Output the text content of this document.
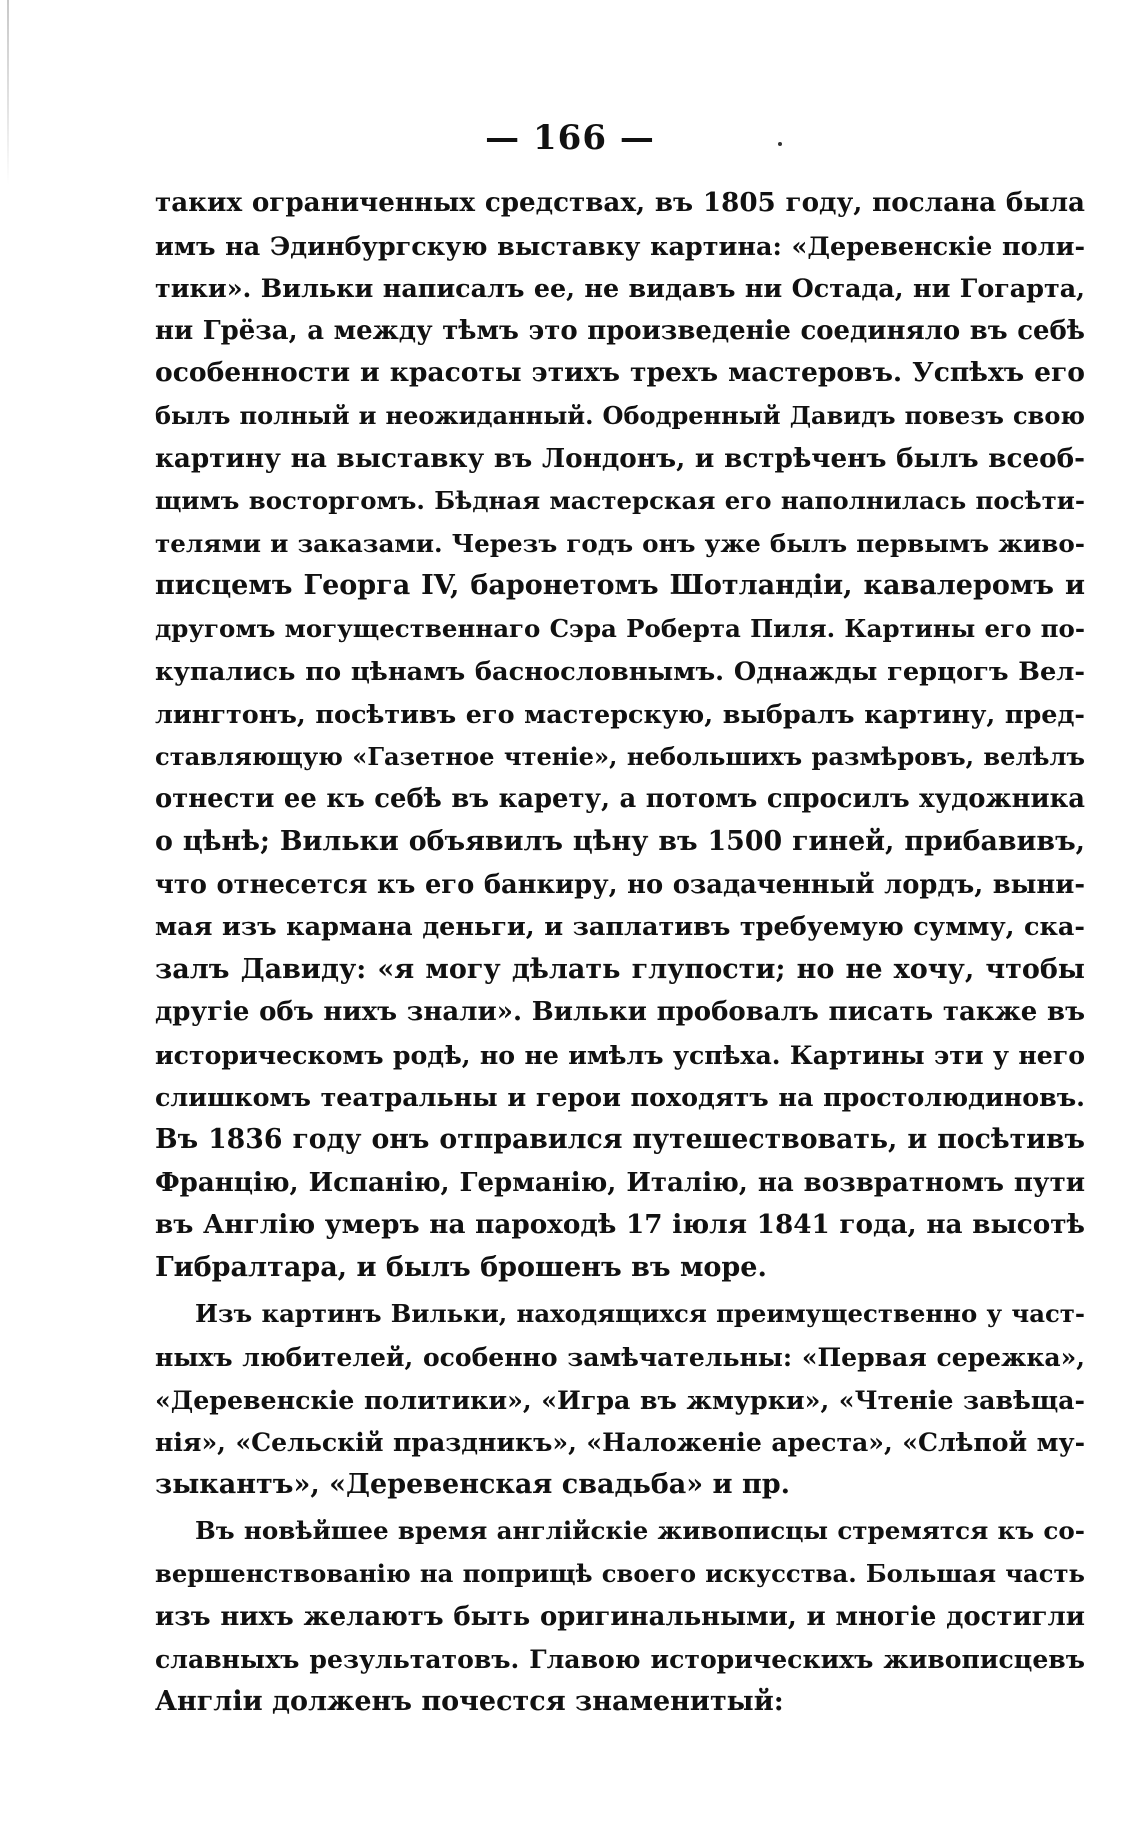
— 166 —
таких ограниченных средствах, въ 1805 году, послана была
имъ на Эдинбургскую выставку картина: «Деревенскіе поли-
тики». Вильки написалъ ее, не видавъ ни Остада, ни Гогарта,
ни Грёза, а между тѣмъ это произведеніе соединяло въ себѣ
особенности и красоты этихъ трехъ мастеровъ. Успѣхъ его
былъ полный и неожиданный. Ободренный Давидъ повезъ свою
картину на выставку въ Лондонъ, и встрѣченъ былъ всеоб-
щимъ восторгомъ. Бѣдная мастерская его наполнилась посѣти-
телями и заказами. Черезъ годъ онъ уже былъ первымъ живо-
писцемъ Георга IV, баронетомъ Шотландіи, кавалеромъ и
другомъ могущественнаго Сэра Роберта Пиля. Картины его по-
купались по цѣнамъ баснословнымъ. Однажды герцогъ Вел-
лингтонъ, посѣтивъ его мастерскую, выбралъ картину, пред-
ставляющую «Газетное чтеніе», небольшихъ размѣровъ, велѣлъ
отнести ее къ себѣ въ карету, а потомъ спросилъ художника
о цѣнѣ; Вильки объявилъ цѣну въ 1500 гиней, прибавивъ,
что отнесется къ его банкиру, но озадаченный лордъ, выни-
мая изъ кармана деньги, и заплативъ требуемую сумму, ска-
залъ Давиду: «я могу дѣлать глупости; но не хочу, чтобы
другіе объ нихъ знали». Вильки пробовалъ писать также въ
историческомъ родѣ, но не имѣлъ успѣха. Картины эти у него
слишкомъ театральны и герои походятъ на простолюдиновъ.
Въ 1836 году онъ отправился путешествовать, и посѣтивъ
Францію, Испанію, Германію, Италію, на возвратномъ пути
въ Англію умеръ на пароходѣ 17 іюля 1841 года, на высотѣ
Гибралтара, и былъ брошенъ въ море.
Изъ картинъ Вильки, находящихся преимущественно у част-
ныхъ любителей, особенно замѣчательны: «Первая сережка»,
«Деревенскіе политики», «Игра въ жмурки», «Чтеніе завѣща-
нія», «Сельскій праздникъ», «Наложеніе ареста», «Слѣпой му-
зыкантъ», «Деревенская свадьба» и пр.
Въ новѣйшее время англійскіе живописцы стремятся къ со-
вершенствованію на поприщѣ своего искусства. Большая часть
изъ нихъ желаютъ быть оригинальными, и многіе достигли
славныхъ результатовъ. Главою историческихъ живописцевъ
Англіи долженъ почестся знаменитый:
